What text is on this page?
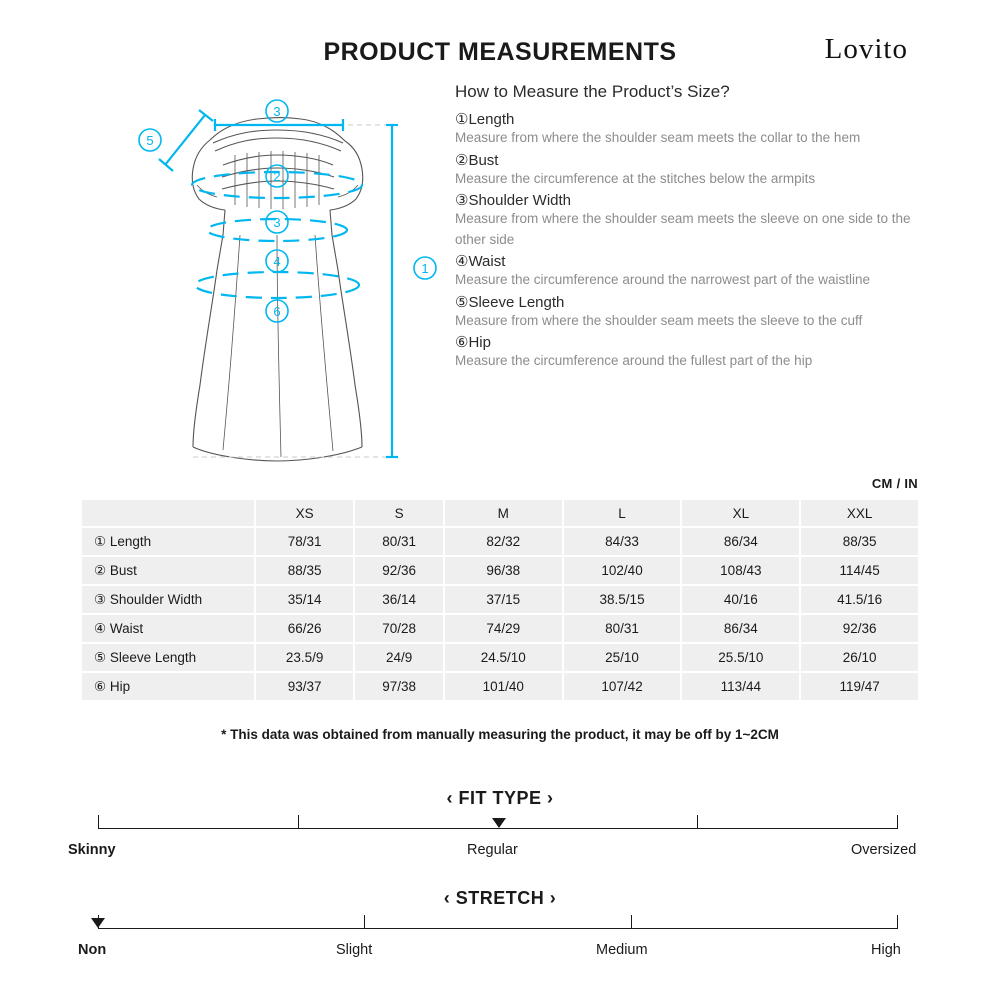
PRODUCT MEASUREMENTS	Lovito
3
5
2
3
4
6
1
How to Measure the Product’s Size?
①Length

Measure from where the shoulder seam meets the collar to the hem

②Bust

Measure the circumference at the stitches below the armpits

③Shoulder Width

Measure from where the shoulder seam meets the sleeve on one side to the other side

④Waist

Measure the circumference around the narrowest part of the waistline

⑤Sleeve Length

Measure from where the shoulder seam meets the sleeve to the cuff

⑥Hip

Measure the circumference around the fullest part of the hip

CM / IN
	XS	S	M	L	XL	XXL
① Length	78/31	80/31	82/32	84/33	86/34	88/35
② Bust	88/35	92/36	96/38	102/40	108/43	114/45
③ Shoulder Width	35/14	36/14	37/15	38.5/15	40/16	41.5/16
④ Waist	66/26	70/28	74/29	80/31	86/34	92/36
⑤ Sleeve Length	23.5/9	24/9	24.5/10	25/10	25.5/10	26/10
⑥ Hip	93/37	97/38	101/40	107/42	113/44	119/47
* This data was obtained from manually measuring the product, it may be off by 1~2CM
‹ FIT TYPE ›
Skinny	Regular	Oversized
‹ STRETCH ›
Non	Slight	Medium	High
